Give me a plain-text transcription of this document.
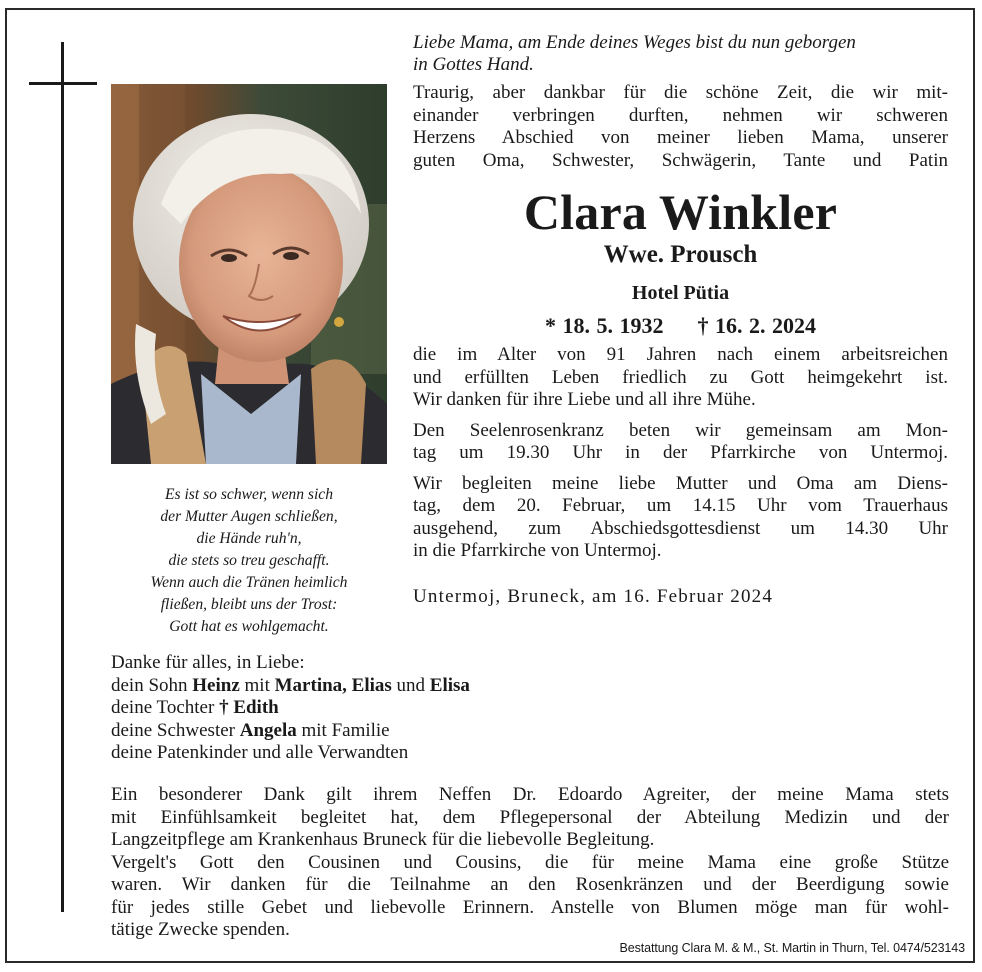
Es ist so schwer, wenn sich
der Mutter Augen schließen,
die Hände ruh'n,
die stets so treu geschafft.
Wenn auch die Tränen heimlich
fließen, bleibt uns der Trost:
Gott hat es wohlgemacht.
Liebe Mama, am Ende deines Weges bist du nun geborgen
in Gottes Hand.
Traurig, aber dankbar für die schöne Zeit, die wir mit-
einander verbringen durften, nehmen wir schweren
Herzens Abschied von meiner lieben Mama, unserer
guten Oma, Schwester, Schwägerin, Tante und Patin
Clara Winkler
Wwe. Prousch
Hotel Pütia
* 18. 5. 1932 † 16. 2. 2024
die im Alter von 91 Jahren nach einem arbeitsreichen
und erfüllten Leben friedlich zu Gott heimgekehrt ist.
Wir danken für ihre Liebe und all ihre Mühe.
Den Seelenrosenkranz beten wir gemeinsam am Mon-
tag um 19.30 Uhr in der Pfarrkirche von Untermoj.
Wir begleiten meine liebe Mutter und Oma am Diens-
tag, dem 20. Februar, um 14.15 Uhr vom Trauerhaus
ausgehend, zum Abschiedsgottesdienst um 14.30 Uhr
in die Pfarrkirche von Untermoj.
Untermoj, Bruneck, am 16. Februar 2024
Danke für alles, in Liebe:
dein Sohn Heinz mit Martina, Elias und Elisa
deine Tochter † Edith
deine Schwester Angela mit Familie
deine Patenkinder und alle Verwandten
Ein besonderer Dank gilt ihrem Neffen Dr. Edoardo Agreiter, der meine Mama stets
mit Einfühlsamkeit begleitet hat, dem Pflegepersonal der Abteilung Medizin und der
Langzeitpflege am Krankenhaus Bruneck für die liebevolle Begleitung.
Vergelt's Gott den Cousinen und Cousins, die für meine Mama eine große Stütze
waren. Wir danken für die Teilnahme an den Rosenkränzen und der Beerdigung sowie
für jedes stille Gebet und liebevolle Erinnern. Anstelle von Blumen möge man für wohl-
tätige Zwecke spenden.
Bestattung Clara M. & M., St. Martin in Thurn, Tel. 0474/523143
